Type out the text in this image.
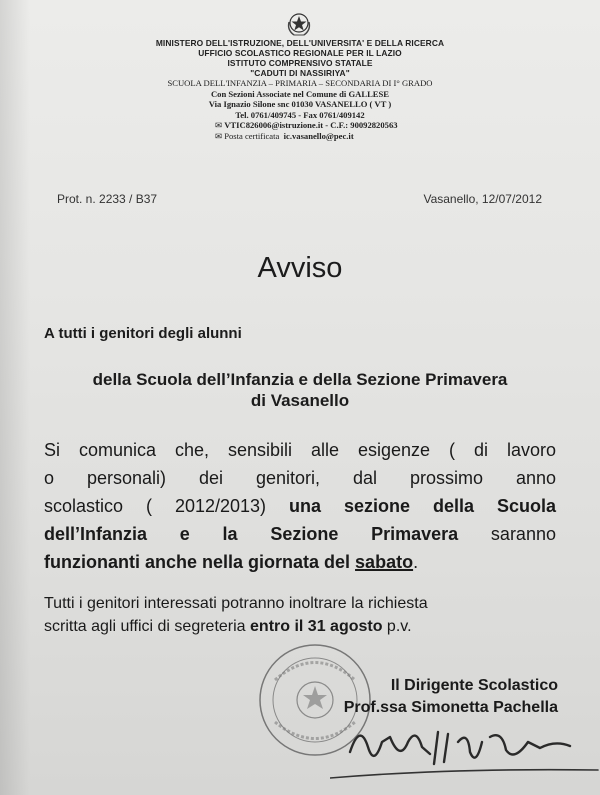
MINISTERO DELL'ISTRUZIONE, DELL'UNIVERSITA' E DELLA RICERCA
UFFICIO SCOLASTICO REGIONALE PER IL LAZIO
ISTITUTO COMPRENSIVO STATALE
"CADUTI DI NASSIRIYA"
SCUOLA DELL'INFANZIA – PRIMARIA – SECONDARIA DI I° GRADO
Con Sezioni Associate nel Comune di GALLESE
Via Ignazio Silone snc 01030 VASANELLO ( VT )
Tel. 0761/409745 - Fax 0761/409142
✉ VTIC826006@istruzione.it - C.F.: 90092820563
✉ Posta certificata ic.vasanello@pec.it
Prot. n. 2233 / B37	Vasanello, 12/07/2012
Avviso
A tutti i genitori degli alunni
della Scuola dell’Infanzia e della Sezione Primavera
di Vasanello
Si comunica che, sensibili alle esigenze ( di lavoro
o personali) dei genitori, dal prossimo anno
scolastico ( 2012/2013) una sezione della Scuola
dell’Infanzia e la Sezione Primavera saranno
funzionanti anche nella giornata del sabato.
Tutti i genitori interessati potranno inoltrare la richiesta
scritta agli uffici di segreteria entro il 31 agosto p.v.
Il Dirigente Scolastico
Prof.ssa Simonetta Pachella
